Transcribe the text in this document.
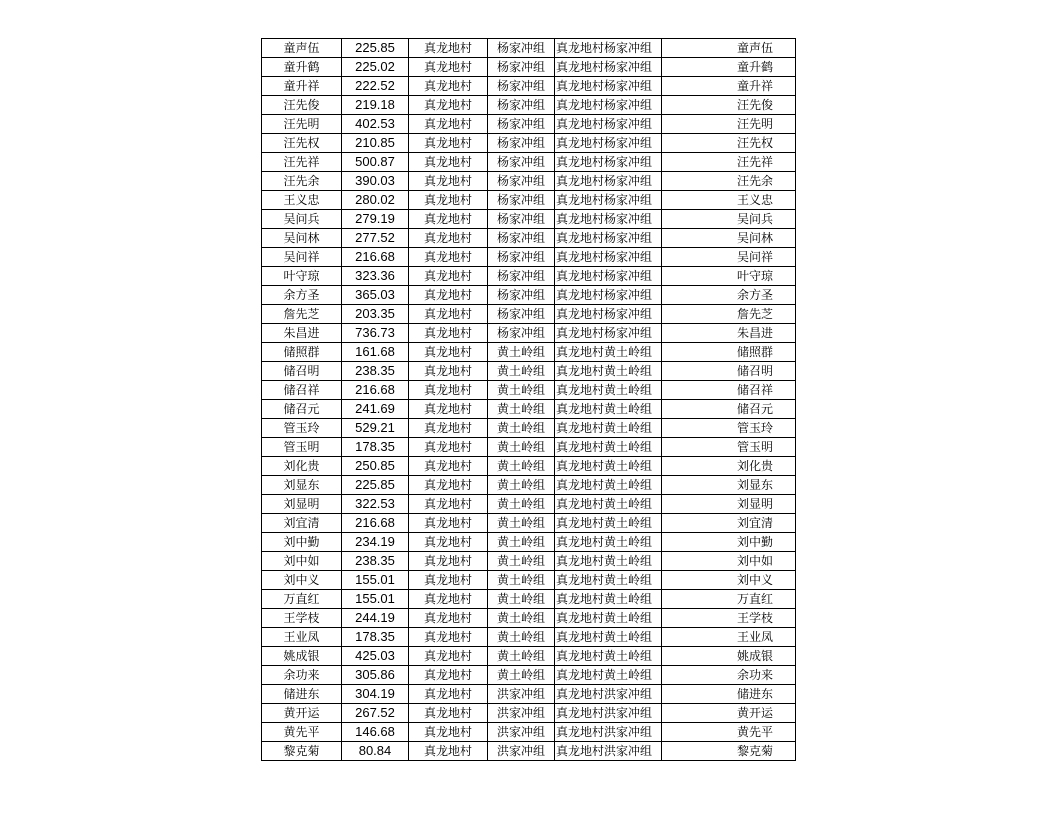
童声伍	225.85	真龙地村	杨家冲组	真龙地村杨家冲组		童声伍
童升鹤	225.02	真龙地村	杨家冲组	真龙地村杨家冲组		童升鹤
童升祥	222.52	真龙地村	杨家冲组	真龙地村杨家冲组		童升祥
汪先俊	219.18	真龙地村	杨家冲组	真龙地村杨家冲组		汪先俊
汪先明	402.53	真龙地村	杨家冲组	真龙地村杨家冲组		汪先明
汪先权	210.85	真龙地村	杨家冲组	真龙地村杨家冲组		汪先权
汪先祥	500.87	真龙地村	杨家冲组	真龙地村杨家冲组		汪先祥
汪先余	390.03	真龙地村	杨家冲组	真龙地村杨家冲组		汪先余
王义忠	280.02	真龙地村	杨家冲组	真龙地村杨家冲组		王义忠
吴问兵	279.19	真龙地村	杨家冲组	真龙地村杨家冲组		吴问兵
吴问林	277.52	真龙地村	杨家冲组	真龙地村杨家冲组		吴问林
吴问祥	216.68	真龙地村	杨家冲组	真龙地村杨家冲组		吴问祥
叶守琼	323.36	真龙地村	杨家冲组	真龙地村杨家冲组		叶守琼
余方圣	365.03	真龙地村	杨家冲组	真龙地村杨家冲组		余方圣
詹先芝	203.35	真龙地村	杨家冲组	真龙地村杨家冲组		詹先芝
朱昌进	736.73	真龙地村	杨家冲组	真龙地村杨家冲组		朱昌进
储照群	161.68	真龙地村	黄土岭组	真龙地村黄土岭组		储照群
储召明	238.35	真龙地村	黄土岭组	真龙地村黄土岭组		储召明
储召祥	216.68	真龙地村	黄土岭组	真龙地村黄土岭组		储召祥
储召元	241.69	真龙地村	黄土岭组	真龙地村黄土岭组		储召元
管玉玲	529.21	真龙地村	黄土岭组	真龙地村黄土岭组		管玉玲
管玉明	178.35	真龙地村	黄土岭组	真龙地村黄土岭组		管玉明
刘化贵	250.85	真龙地村	黄土岭组	真龙地村黄土岭组		刘化贵
刘显东	225.85	真龙地村	黄土岭组	真龙地村黄土岭组		刘显东
刘显明	322.53	真龙地村	黄土岭组	真龙地村黄土岭组		刘显明
刘宜清	216.68	真龙地村	黄土岭组	真龙地村黄土岭组		刘宜清
刘中勤	234.19	真龙地村	黄土岭组	真龙地村黄土岭组		刘中勤
刘中如	238.35	真龙地村	黄土岭组	真龙地村黄土岭组		刘中如
刘中义	155.01	真龙地村	黄土岭组	真龙地村黄土岭组		刘中义
万直红	155.01	真龙地村	黄土岭组	真龙地村黄土岭组		万直红
王学枝	244.19	真龙地村	黄土岭组	真龙地村黄土岭组		王学枝
王业凤	178.35	真龙地村	黄土岭组	真龙地村黄土岭组		王业凤
姚成银	425.03	真龙地村	黄土岭组	真龙地村黄土岭组		姚成银
余功来	305.86	真龙地村	黄土岭组	真龙地村黄土岭组		余功来
储进东	304.19	真龙地村	洪家冲组	真龙地村洪家冲组		储进东
黄开运	267.52	真龙地村	洪家冲组	真龙地村洪家冲组		黄开运
黄先平	146.68	真龙地村	洪家冲组	真龙地村洪家冲组		黄先平
黎克菊	80.84	真龙地村	洪家冲组	真龙地村洪家冲组		黎克菊
